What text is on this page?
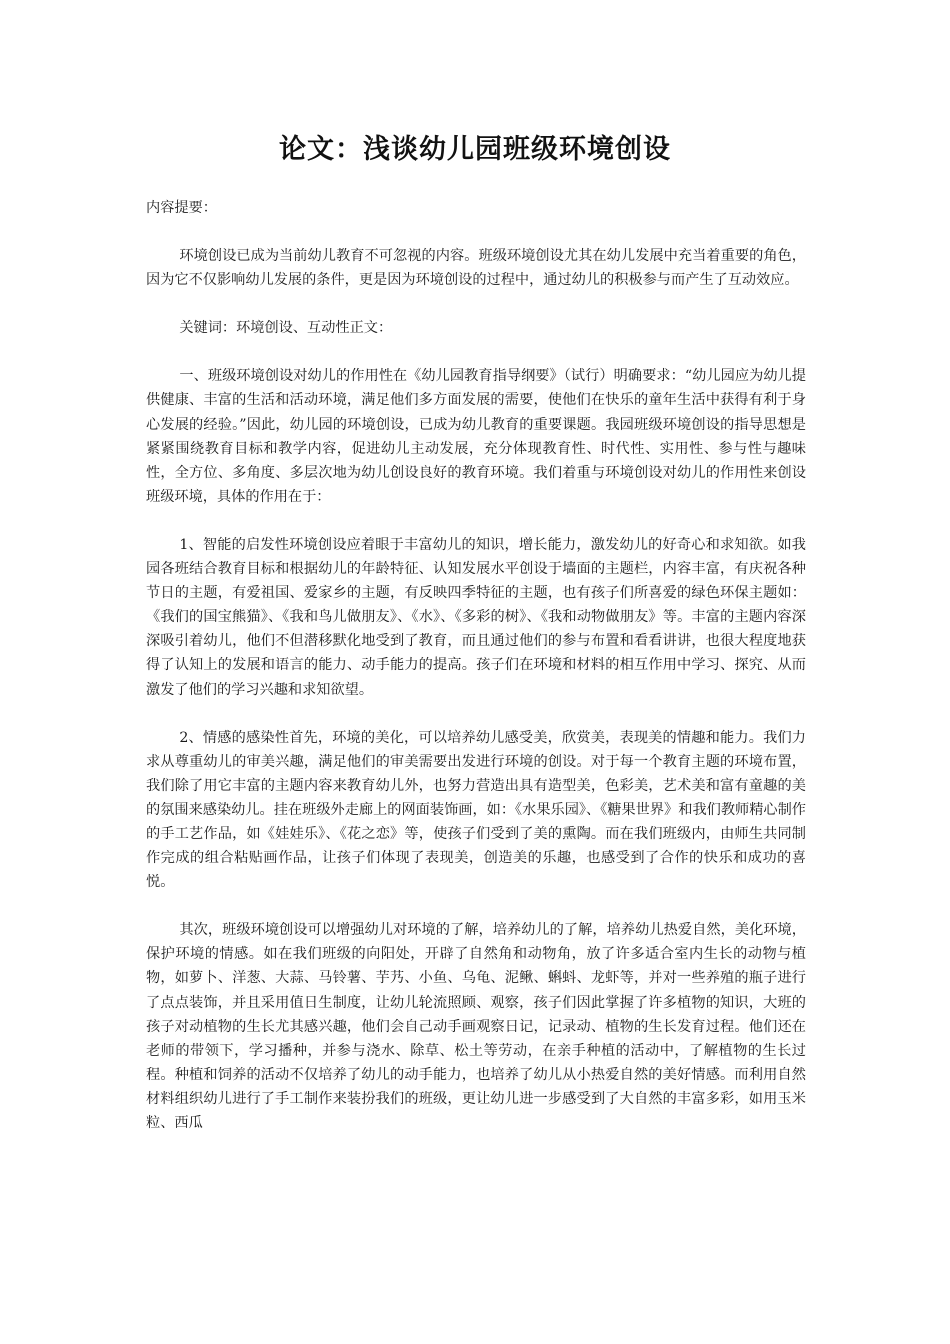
论文：浅谈幼儿园班级环境创设

内容提要：

环境创设已成为当前幼儿教育不可忽视的内容。班级环境创设尤其在幼儿发展中充当着重要的角色，因为它不仅影响幼儿发展的条件，更是因为环境创设的过程中，通过幼儿的积极参与而产生了互动效应。

关键词：环境创设、互动性正文：

一、班级环境创设对幼儿的作用性在《幼儿园教育指导纲要》（试行）明确要求：“幼儿园应为幼儿提供健康、丰富的生活和活动环境，满足他们多方面发展的需要，使他们在快乐的童年生活中获得有利于身心发展的经验。”因此，幼儿园的环境创设，已成为幼儿教育的重要课题。我园班级环境创设的指导思想是紧紧围绕教育目标和教学内容，促进幼儿主动发展，充分体现教育性、时代性、实用性、参与性与趣味性，全方位、多角度、多层次地为幼儿创设良好的教育环境。我们着重与环境创设对幼儿的作用性来创设班级环境，具体的作用在于：

1、智能的启发性环境创设应着眼于丰富幼儿的知识，增长能力，激发幼儿的好奇心和求知欲。如我园各班结合教育目标和根据幼儿的年龄特征、认知发展水平创设于墙面的主题栏，内容丰富，有庆祝各种节日的主题，有爱祖国、爱家乡的主题，有反映四季特征的主题，也有孩子们所喜爱的绿色环保主题如：《我们的国宝熊猫》、《我和鸟儿做朋友》、《水》、《多彩的树》、《我和动物做朋友》等。丰富的主题内容深深吸引着幼儿，他们不但潜移默化地受到了教育，而且通过他们的参与布置和看看讲讲，也很大程度地获得了认知上的发展和语言的能力、动手能力的提高。孩子们在环境和材料的相互作用中学习、探究、从而激发了他们的学习兴趣和求知欲望。

2、情感的感染性首先，环境的美化，可以培养幼儿感受美，欣赏美，表现美的情趣和能力。我们力求从尊重幼儿的审美兴趣，满足他们的审美需要出发进行环境的创设。对于每一个教育主题的环境布置，我们除了用它丰富的主题内容来教育幼儿外，也努力营造出具有造型美，色彩美，艺术美和富有童趣的美的氛围来感染幼儿。挂在班级外走廊上的网面装饰画，如：《水果乐园》、《糖果世界》和我们教师精心制作的手工艺作品，如《娃娃乐》、《花之恋》等，使孩子们受到了美的熏陶。而在我们班级内，由师生共同制作完成的组合粘贴画作品，让孩子们体现了表现美，创造美的乐趣，也感受到了合作的快乐和成功的喜悦。

其次，班级环境创设可以增强幼儿对环境的了解，培养幼儿的了解，培养幼儿热爱自然，美化环境，保护环境的情感。如在我们班级的向阳处，开辟了自然角和动物角，放了许多适合室内生长的动物与植物，如萝卜、洋葱、大蒜、马铃薯、芋艿、小鱼、乌龟、泥鳅、蝌蚪、龙虾等，并对一些养殖的瓶子进行了点点装饰，并且采用值日生制度，让幼儿轮流照顾、观察，孩子们因此掌握了许多植物的知识，大班的孩子对动植物的生长尤其感兴趣，他们会自己动手画观察日记，记录动、植物的生长发育过程。他们还在老师的带领下，学习播种，并参与浇水、除草、松土等劳动，在亲手种植的活动中，了解植物的生长过程。种植和饲养的活动不仅培养了幼儿的动手能力，也培养了幼儿从小热爱自然的美好情感。而利用自然材料组织幼儿进行了手工制作来装扮我们的班级，更让幼儿进一步感受到了大自然的丰富多彩，如用玉米粒、西瓜
